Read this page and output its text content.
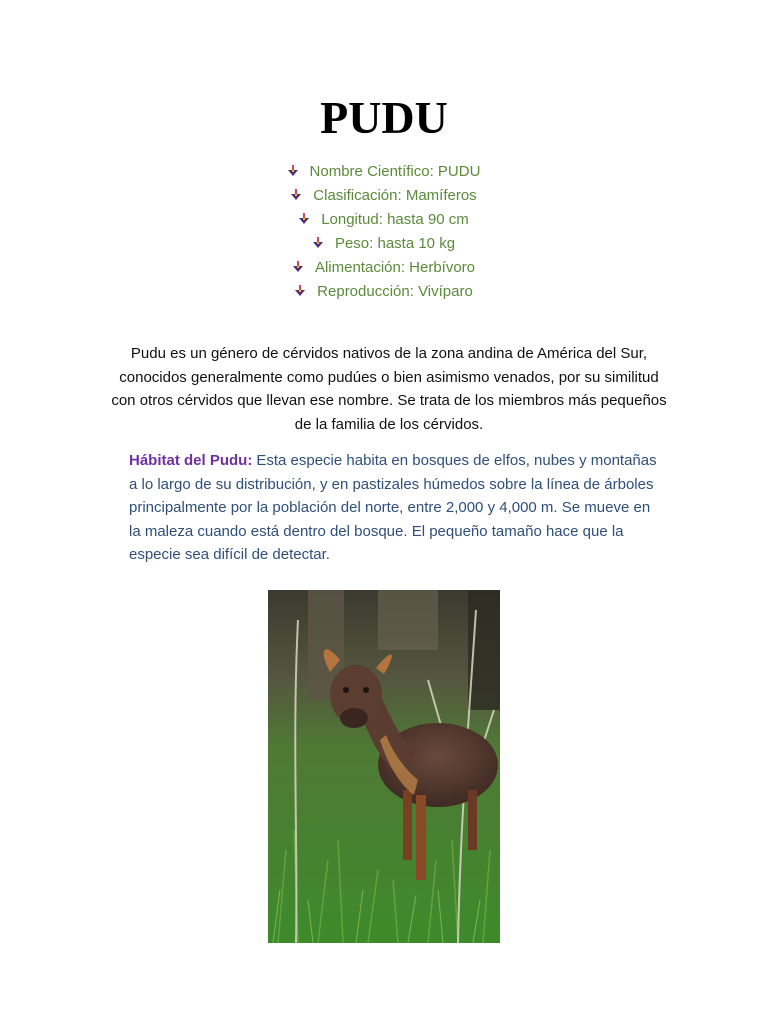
PUDU
Nombre Científico: PUDU
Clasificación: Mamíferos
Longitud: hasta 90 cm
Peso: hasta 10 kg
Alimentación: Herbívoro
Reproducción: Vivíparo

Pudu es un género de cérvidos nativos de la zona andina de América del Sur, conocidos generalmente como pudúes o bien asimismo venados, por su similitud con otros cérvidos que llevan ese nombre. Se trata de los miembros más pequeños de la familia de los cérvidos.

Hábitat del Pudu: Esta especie habita en bosques de elfos, nubes y montañas a lo largo de su distribución, y en pastizales húmedos sobre la línea de árboles principalmente por la población del norte, entre 2,000 y 4,000 m. Se mueve en la maleza cuando está dentro del bosque. El pequeño tamaño hace que la especie sea difícil de detectar.
